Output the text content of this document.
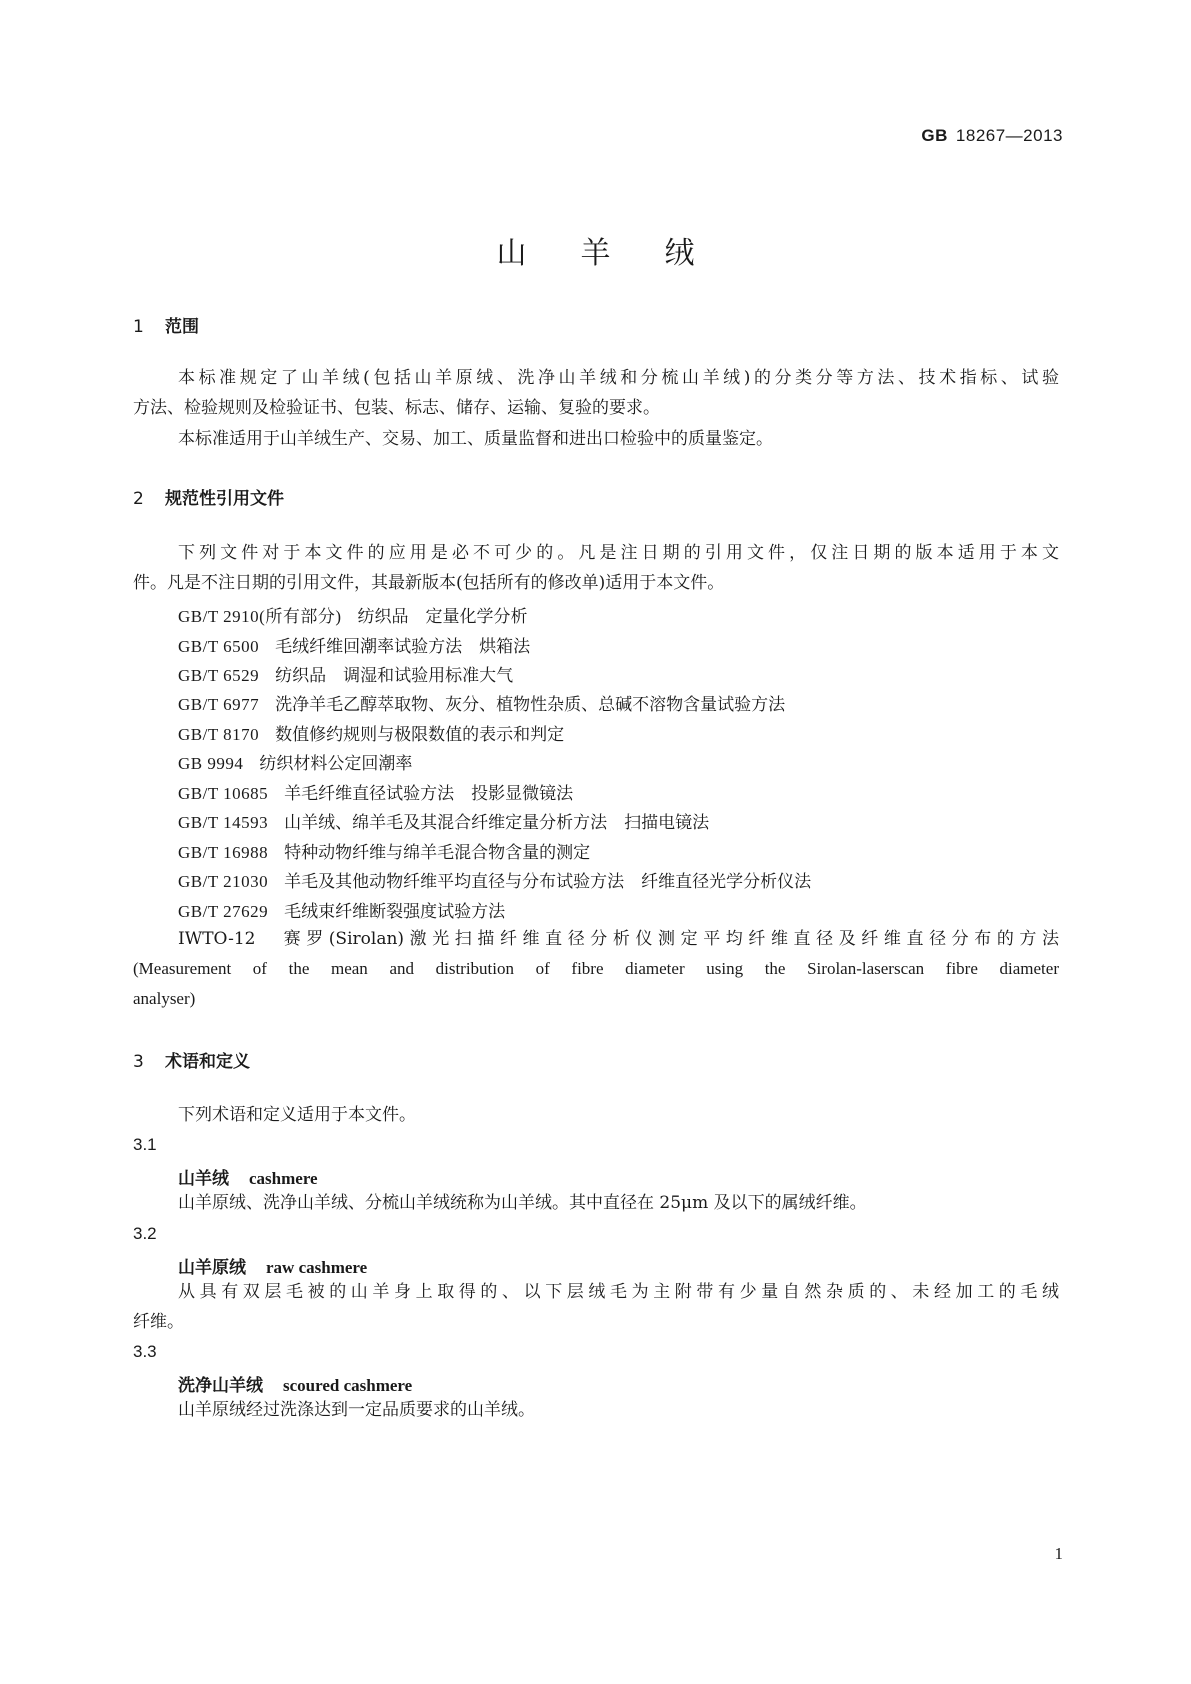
GB 18267—2013
山羊绒
1 范围
本标准规定了山羊绒(包括山羊原绒、洗净山羊绒和分梳山羊绒)的分类分等方法、技术指标、试验
方法、检验规则及检验证书、包装、标志、储存、运输、复验的要求。
本标准适用于山羊绒生产、交易、加工、质量监督和进出口检验中的质量鉴定。
2 规范性引用文件
下列文件对于本文件的应用是必不可少的。凡是注日期的引用文件，仅注日期的版本适用于本文
件。凡是不注日期的引用文件，其最新版本(包括所有的修改单)适用于本文件。
GB/T 2910(所有部分) 纺织品　定量化学分析
GB/T 6500 毛绒纤维回潮率试验方法　烘箱法
GB/T 6529 纺织品　调湿和试验用标准大气
GB/T 6977 洗净羊毛乙醇萃取物、灰分、植物性杂质、总碱不溶物含量试验方法
GB/T 8170 数值修约规则与极限数值的表示和判定
GB 9994 纺织材料公定回潮率
GB/T 10685 羊毛纤维直径试验方法　投影显微镜法
GB/T 14593 山羊绒、绵羊毛及其混合纤维定量分析方法　扫描电镜法
GB/T 16988 特种动物纤维与绵羊毛混合物含量的测定
GB/T 21030 羊毛及其他动物纤维平均直径与分布试验方法　纤维直径光学分析仪法
GB/T 27629 毛绒束纤维断裂强度试验方法
IWTO-12　赛罗(Sirolan)激光扫描纤维直径分析仪测定平均纤维直径及纤维直径分布的方法
(Measurement of the mean and distribution of fibre diameter using the Sirolan-laserscan fibre diameter
analyser)
3 术语和定义
下列术语和定义适用于本文件。
3.1
山羊绒 cashmere
山羊原绒、洗净山羊绒、分梳山羊绒统称为山羊绒。其中直径在 25μm 及以下的属绒纤维。
3.2
山羊原绒 raw cashmere
从具有双层毛被的山羊身上取得的、以下层绒毛为主附带有少量自然杂质的、未经加工的毛绒
纤维。
3.3
洗净山羊绒 scoured cashmere
山羊原绒经过洗涤达到一定品质要求的山羊绒。
1
